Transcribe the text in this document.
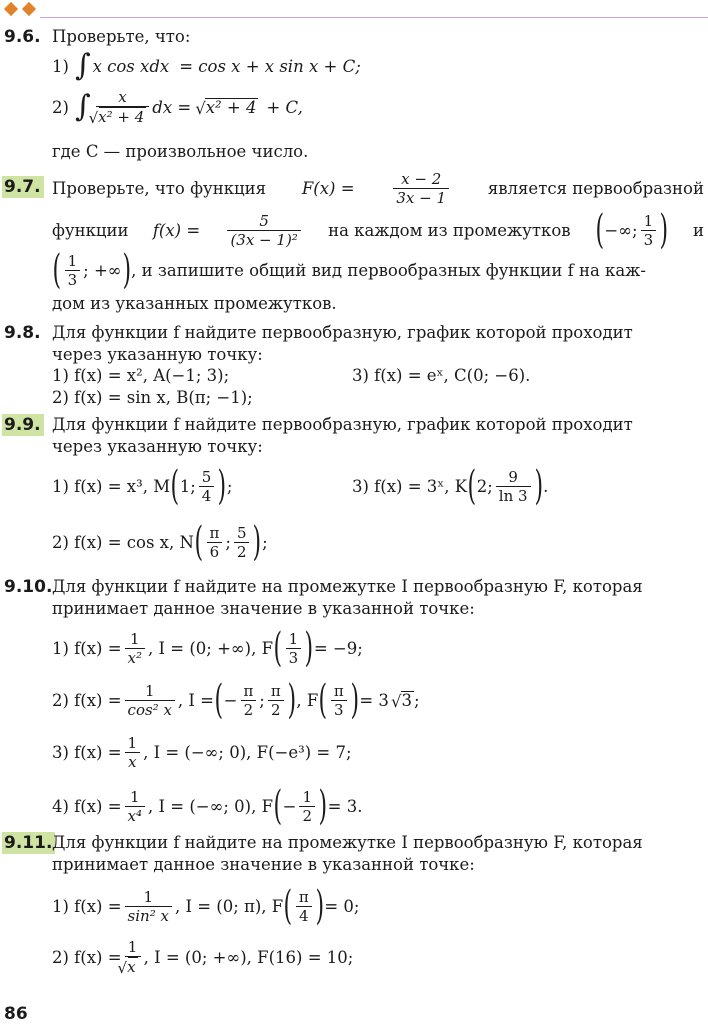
9.6. Проверьте, что:
1) ∫ x cos xdx = cos x + x sin x + C;
2) ∫ x
√ x² + 4
dx = √ x² + 4 + C,
где C — произвольное число.
9.7. Проверьте, что функция F(x) =	$\frac{x - 2}{3x - 1}$ является первообразной
функции $f(x) = \frac{5}{\text{(3x − 1)²}}$ на каждом из промежутков ( −∞; 1
3 ) и
( 1
3 ; +∞ ) , и запишите общий вид первообразных функции f на каж-
дом из указанных промежутков.
9.8. Для функции f найдите первообразную, график которой проходит
через указанную точку:
1) f(x) = x², A(−1; 3);	3) f(x) = eˣ, C(0; −6).
2) f(x) = sin x, B(π; −1);
9.9. Для функции f найдите первообразную, график которой проходит
через указанную точку:
1) f(x) = x³, M ( 1; 5
4 ) ;	3) f(x) = 3ˣ, K ( 2; 9
ln 3 ) .
2) f(x) = cos x, N ( π
6 ; 5
2 ) ;
9.10. Для функции f найдите на промежутке I первообразную F, которая
принимает данное значение в указанной точке:
1) $f(x) = \frac{1}{\text{x²}}$ , I = (0; +∞), F ( 1
3 ) = −9;
2) $f(x) = \frac{1}{\text{cos² x}}$ , I = ( − $\frac{\pi}{2}$ ; π
2 ) , F ( π
3 ) = 3 √ 3 ;
3) $f(x) = \frac{1}{x}$ , I = (−∞; 0), F(−e³) = 7;
4) $f(x) = \frac{1}{\text{x⁴}}$ , I = (−∞; 0), F ( − $\frac{1}{2}$ ) = 3.
9.11. Для функции f найдите на промежутке I первообразную F, которая
принимает данное значение в указанной точке:
1) $f(x) = \frac{1}{\text{sin² x}}$ , I = (0; π), F ( π
4 ) = 0;
2) f(x) = 1
√ x , I = (0; +∞), F(16) = 10;
86
